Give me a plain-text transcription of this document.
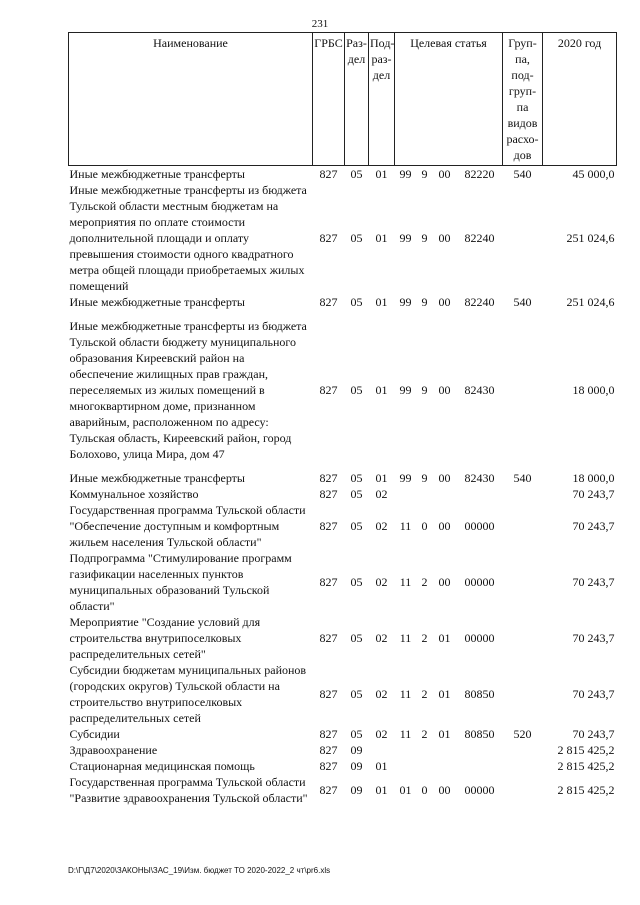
231
Наименование	ГРБС	Раз-дел	Под-раз-дел	Целевая статья				Груп-па, под-груп-па видов расхо-дов	2020 год
Иные межбюджетные трансферты	827	05	01	99	9	00	82220	540	45 000,0
Иные межбюджетные трансферты из бюджета Тульской области местным бюджетам на мероприятия по оплате стоимости дополнительной площади и оплату превышения стоимости одного квадратного метра общей площади приобретаемых жилых помещений	827	05	01	99	9	00	82240		251 024,6
Иные межбюджетные трансферты	827	05	01	99	9	00	82240	540	251 024,6
Иные межбюджетные трансферты из бюджета Тульской области бюджету муниципального образования Киреевский район на обеспечение жилищных прав граждан, переселяемых из жилых помещений в многоквартирном доме, признанном аварийным, расположенном по адресу: Тульская область, Киреевский район, город Болохово, улица Мира, дом 47	827	05	01	99	9	00	82430		18 000,0
Иные межбюджетные трансферты	827	05	01	99	9	00	82430	540	18 000,0
Коммунальное хозяйство	827	05	02						70 243,7
Государственная программа Тульской области "Обеспечение доступным и комфортным жильем населения Тульской области"	827	05	02	11	0	00	00000		70 243,7
Подпрограмма "Стимулирование программ газификации населенных пунктов муниципальных образований Тульской области"	827	05	02	11	2	00	00000		70 243,7
Мероприятие "Создание условий для строительства внутрипоселковых распределительных сетей"	827	05	02	11	2	01	00000		70 243,7
Субсидии бюджетам муниципальных районов (городских округов) Тульской области на строительство внутрипоселковых распределительных сетей	827	05	02	11	2	01	80850		70 243,7
Субсидии	827	05	02	11	2	01	80850	520	70 243,7
Здравоохранение	827	09							2 815 425,2
Стационарная медицинская помощь	827	09	01						2 815 425,2
Государственная программа Тульской области "Развитие здравоохранения Тульской области"	827	09	01	01	0	00	00000		2 815 425,2
D:\Г\Д7\2020\ЗАКОНЫ\ЗАС_19\Изм. бюджет ТО 2020-2022_2 чт\pr6.xls
